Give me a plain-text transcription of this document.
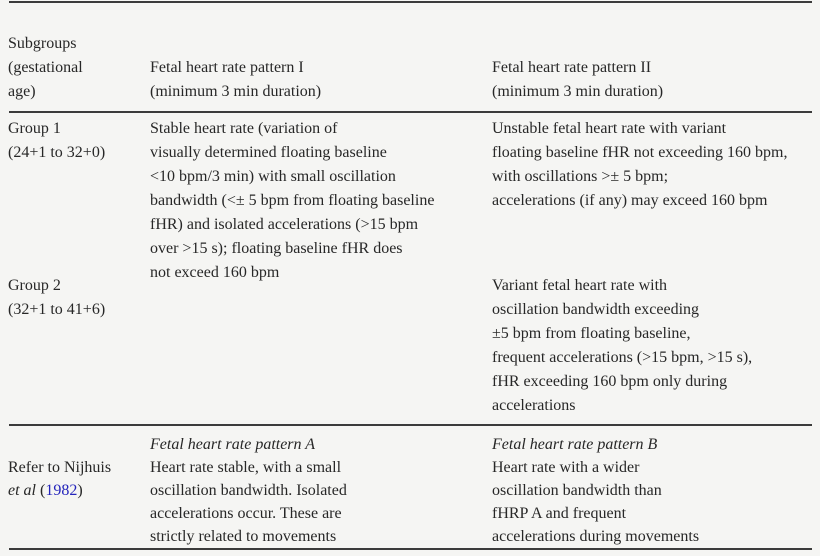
Subgroups
(gestational
age)
Fetal heart rate pattern I
(minimum 3 min duration)
Fetal heart rate pattern II
(minimum 3 min duration)
Group 1
(24+1 to 32+0)
Stable heart rate (variation of
visually determined floating baseline
<10 bpm/3 min) with small oscillation
bandwidth (<± 5 bpm from floating baseline
fHR) and isolated accelerations (>15 bpm
over >15 s); floating baseline fHR does
not exceed 160 bpm
Unstable fetal heart rate with variant
floating baseline fHR not exceeding 160 bpm,
with oscillations >± 5 bpm;
accelerations (if any) may exceed 160 bpm
Group 2
(32+1 to 41+6)
Variant fetal heart rate with
oscillation bandwidth exceeding
±5 bpm from floating baseline,
frequent accelerations (>15 bpm, >15 s),
fHR exceeding 160 bpm only during
accelerations
Refer to Nijhuis
et al (1982)
Fetal heart rate pattern A
Heart rate stable, with a small
oscillation bandwidth. Isolated
accelerations occur. These are
strictly related to movements
Fetal heart rate pattern B
Heart rate with a wider
oscillation bandwidth than
fHRP A and frequent
accelerations during movements
